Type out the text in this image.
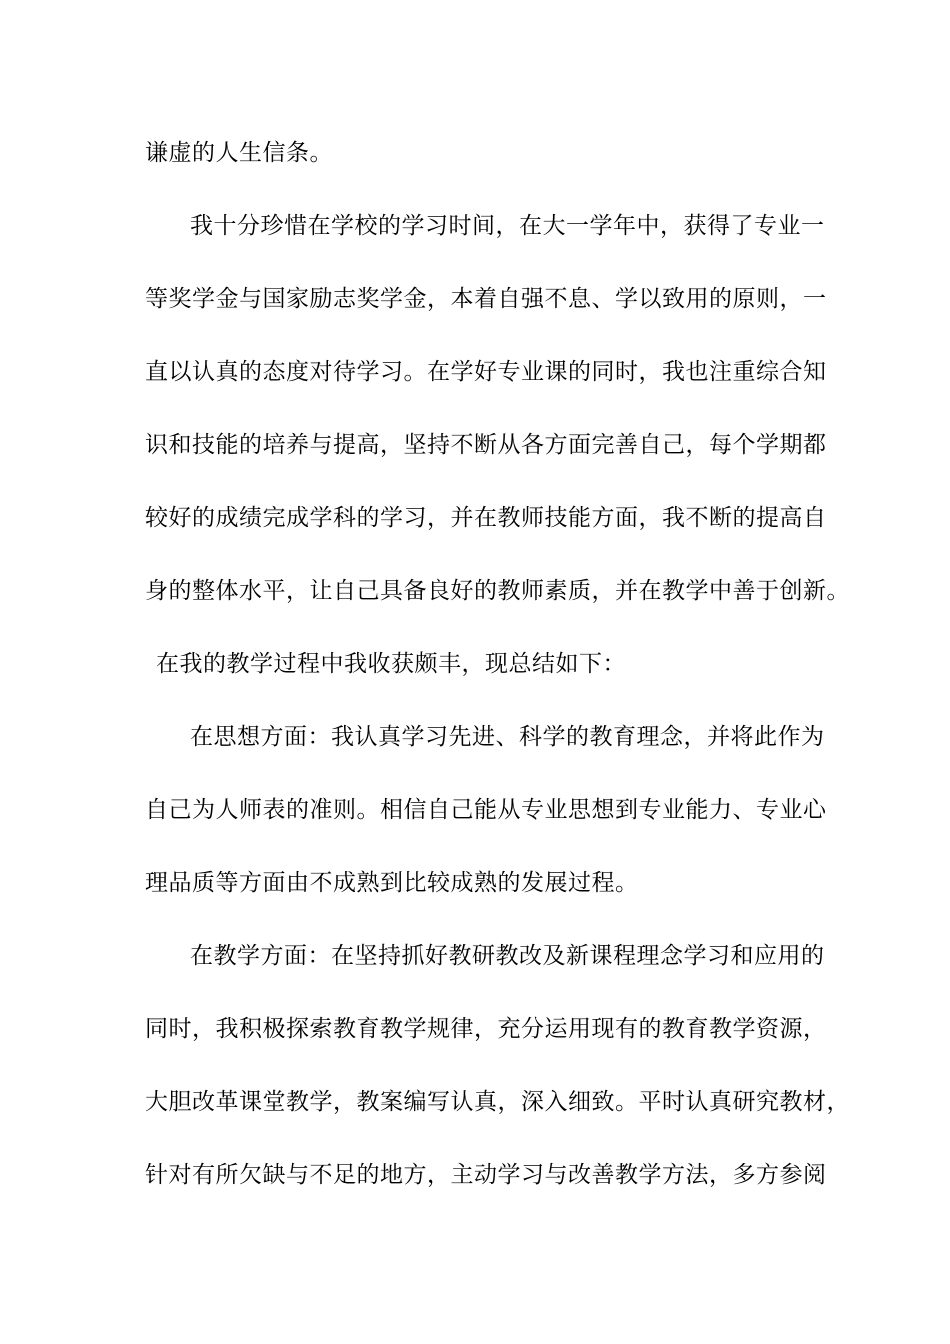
谦虚的人生信条。
我十分珍惜在学校的学习时间，在大一学年中，获得了专业一
等奖学金与国家励志奖学金，本着自强不息、学以致用的原则，一
直以认真的态度对待学习。在学好专业课的同时，我也注重综合知
识和技能的培养与提高，坚持不断从各方面完善自己，每个学期都
较好的成绩完成学科的学习，并在教师技能方面，我不断的提高自
身的整体水平，让自己具备良好的教师素质，并在教学中善于创新。
在我的教学过程中我收获颇丰，现总结如下：
在思想方面：我认真学习先进、科学的教育理念，并将此作为
自己为人师表的准则。相信自己能从专业思想到专业能力、专业心
理品质等方面由不成熟到比较成熟的发展过程。
在教学方面：在坚持抓好教研教改及新课程理念学习和应用的
同时，我积极探索教育教学规律，充分运用现有的教育教学资源，
大胆改革课堂教学，教案编写认真，深入细致。平时认真研究教材，
针对有所欠缺与不足的地方，主动学习与改善教学方法，多方参阅
